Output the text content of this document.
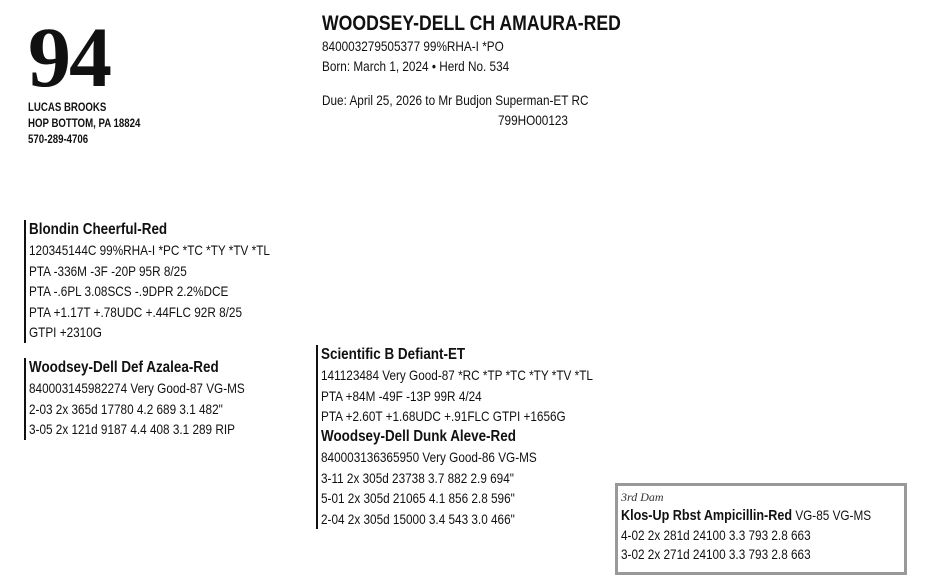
94
LUCAS BROOKS
HOP BOTTOM, PA 18824
570-289-4706
WOODSEY-DELL CH AMAURA-RED
840003279505377 99%RHA-I *PO
Born: March 1, 2024 • Herd No. 534
Due: April 25, 2026 to Mr Budjon Superman-ET RC
799HO00123
Blondin Cheerful-Red
120345144C 99%RHA-I *PC *TC *TY *TV *TL
PTA -336M -3F -20P 95R 8/25
PTA -.6PL 3.08SCS -.9DPR 2.2%DCE
PTA +1.17T +.78UDC +.44FLC 92R 8/25
GTPI +2310G
Woodsey-Dell Def Azalea-Red
840003145982274 Very Good-87 VG-MS
2-03 2x 365d 17780 4.2 689 3.1 482"
3-05 2x 121d 9187 4.4 408 3.1 289 RIP
Scientific B Defiant-ET
141123484 Very Good-87 *RC *TP *TC *TY *TV *TL
PTA +84M -49F -13P 99R 4/24
PTA +2.60T +1.68UDC +.91FLC GTPI +1656G
Woodsey-Dell Dunk Aleve-Red
840003136365950 Very Good-86 VG-MS
3-11 2x 305d 23738 3.7 882 2.9 694"
5-01 2x 305d 21065 4.1 856 2.8 596"
2-04 2x 305d 15000 3.4 543 3.0 466"
3rd Dam
Klos-Up Rbst Ampicillin-Red VG-85 VG-MS
4-02 2x 281d 24100 3.3 793 2.8 663
3-02 2x 271d 24100 3.3 793 2.8 663
